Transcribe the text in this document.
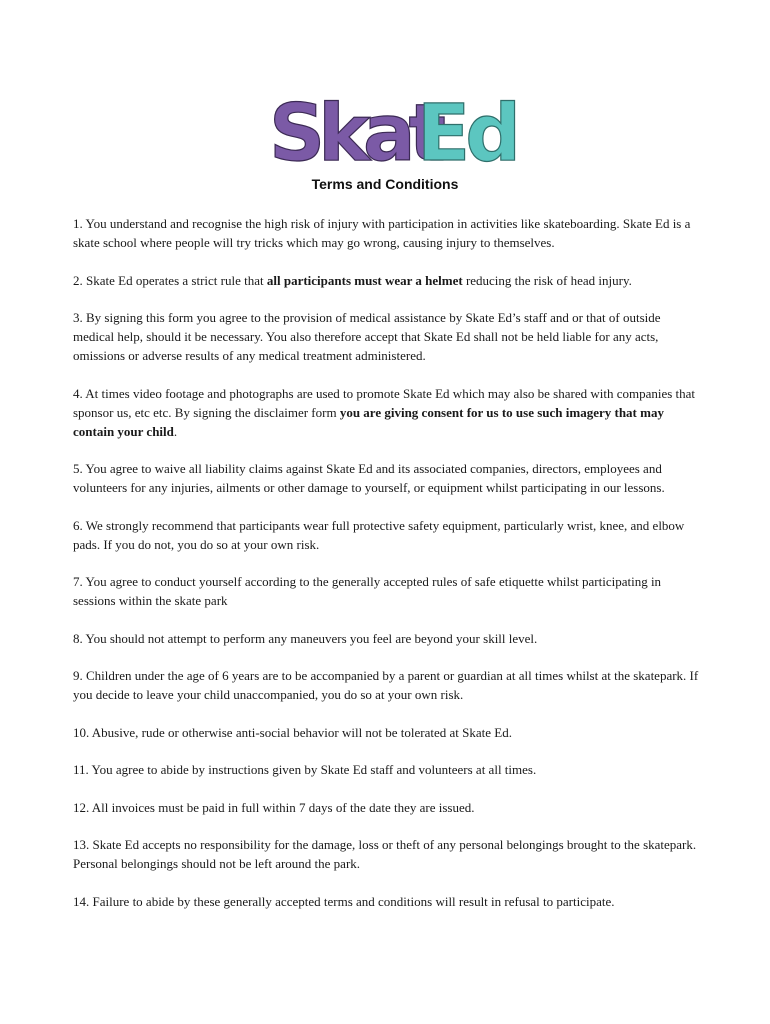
Skat
Ed
Terms and Conditions

1. You understand and recognise the high risk of injury with participation in activities like skateboarding. Skate Ed is a skate school where people will try tricks which may go wrong, causing injury to themselves.

2. Skate Ed operates a strict rule that all participants must wear a helmet reducing the risk of head injury.

3. By signing this form you agree to the provision of medical assistance by Skate Ed’s staff and or that of outside medical help, should it be necessary. You also therefore accept that Skate Ed shall not be held liable for any acts, omissions or adverse results of any medical treatment administered.

4. At times video footage and photographs are used to promote Skate Ed which may also be shared with companies that sponsor us, etc etc. By signing the disclaimer form you are giving consent for us to use such imagery that may contain your child.

5. You agree to waive all liability claims against Skate Ed and its associated companies, directors, employees and volunteers for any injuries, ailments or other damage to yourself, or equipment whilst participating in our lessons.

6. We strongly recommend that participants wear full protective safety equipment, particularly wrist, knee, and elbow pads. If you do not, you do so at your own risk.

7. You agree to conduct yourself according to the generally accepted rules of safe etiquette whilst participating in sessions within the skate park

8. You should not attempt to perform any maneuvers you feel are beyond your skill level.

9. Children under the age of 6 years are to be accompanied by a parent or guardian at all times whilst at the skatepark. If you decide to leave your child unaccompanied, you do so at your own risk.

10. Abusive, rude or otherwise anti-social behavior will not be tolerated at Skate Ed.

11. You agree to abide by instructions given by Skate Ed staff and volunteers at all times.

12. All invoices must be paid in full within 7 days of the date they are issued.

13. Skate Ed accepts no responsibility for the damage, loss or theft of any personal belongings brought to the skatepark. Personal belongings should not be left around the park.

14. Failure to abide by these generally accepted terms and conditions will result in refusal to participate.
